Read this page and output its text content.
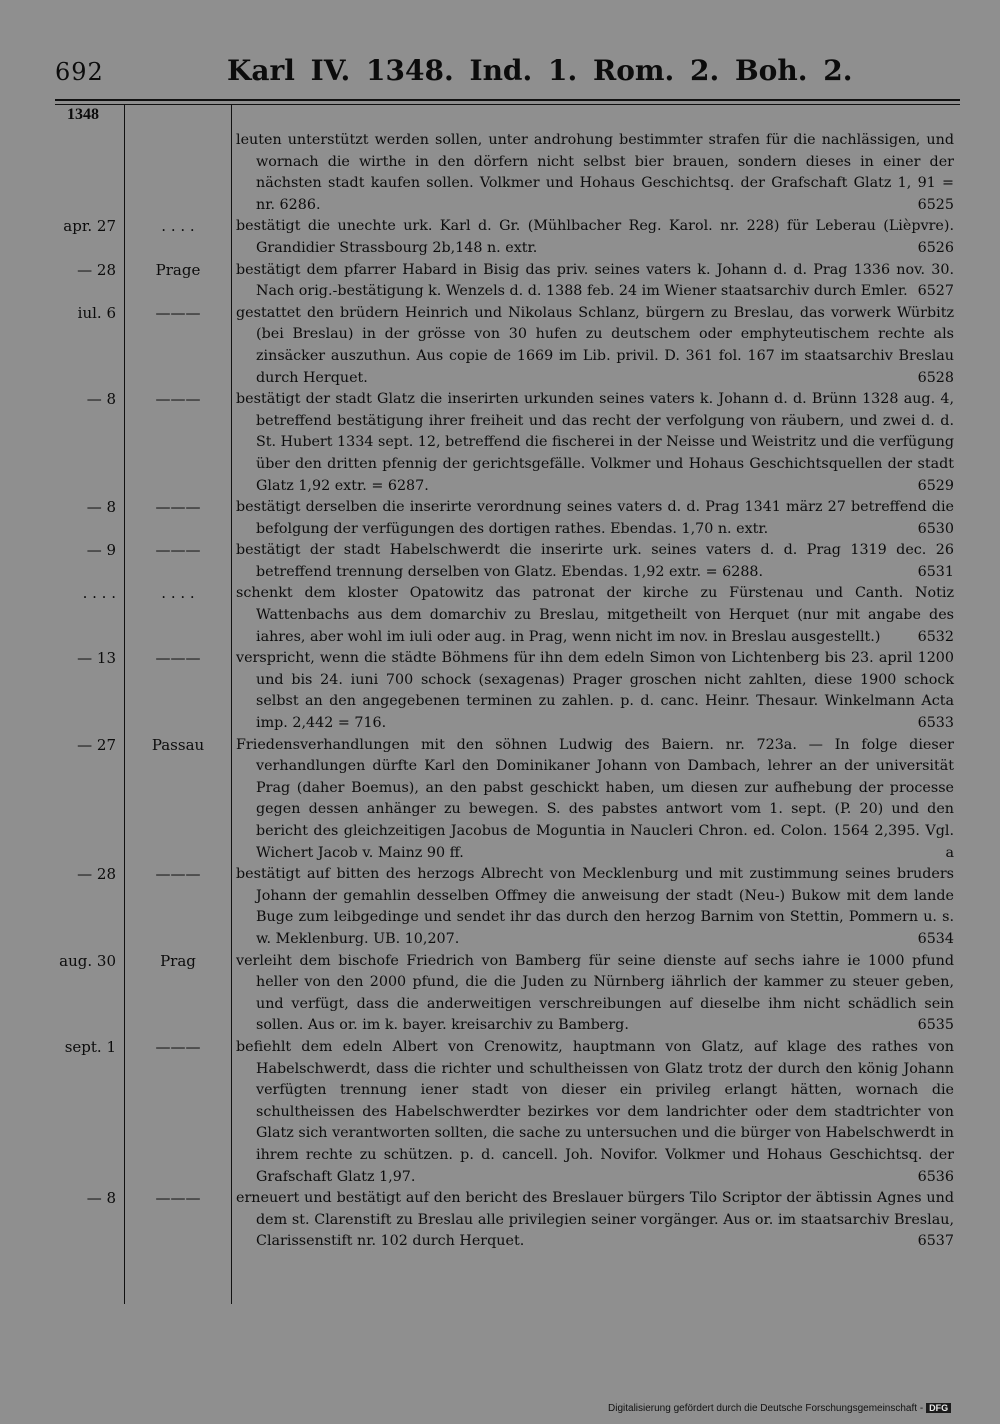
692	Karl IV. 1348. Ind. 1. Rom. 2. Boh. 2.
1348
leuten unterstützt werden sollen, unter androhung bestimmter strafen für die nachlässigen, und wornach die wirthe in den dörfern nicht selbst bier brauen, sondern dieses in einer der nächsten stadt kaufen sollen. Volkmer und Hohaus Geschichtsq. der Grafschaft Glatz 1, 91 = nr. 6286.	6525
apr. 27	. . . .	bestätigt die unechte urk. Karl d. Gr. (Mühlbacher Reg. Karol. nr. 228) für Leberau (Lièpvre). Grandidier Strassbourg 2b,148 n. extr.	6526
— 28	Prage	bestätigt dem pfarrer Habard in Bisig das priv. seines vaters k. Johann d. d. Prag 1336 nov. 30. Nach orig.-bestätigung k. Wenzels d. d. 1388 feb. 24 im Wiener staatsarchiv durch Emler. 6527
iul. 6	———	gestattet den brüdern Heinrich und Nikolaus Schlanz, bürgern zu Breslau, das vorwerk Würbitz (bei Breslau) in der grösse von 30 hufen zu deutschem oder emphyteutischem rechte als zinsäcker auszuthun. Aus copie de 1669 im Lib. privil. D. 361 fol. 167 im staatsarchiv Breslau durch Herquet.	6528
— 8	———	bestätigt der stadt Glatz die inserirten urkunden seines vaters k. Johann d. d. Brünn 1328 aug. 4, betreffend bestätigung ihrer freiheit und das recht der verfolgung von räubern, und zwei d. d. St. Hubert 1334 sept. 12, betreffend die fischerei in der Neisse und Weistritz und die verfügung über den dritten pfennig der gerichtsgefälle. Volkmer und Hohaus Geschichtsquellen der stadt Glatz 1,92 extr. = 6287.	6529
— 8	———	bestätigt derselben die inserirte verordnung seines vaters d. d. Prag 1341 märz 27 betreffend die befolgung der verfügungen des dortigen rathes. Ebendas. 1,70 n. extr.	6530
— 9	———	bestätigt der stadt Habelschwerdt die inserirte urk. seines vaters d. d. Prag 1319 dec. 26 betreffend trennung derselben von Glatz. Ebendas. 1,92 extr. = 6288.	6531
. . . .	. . . .	schenkt dem kloster Opatowitz das patronat der kirche zu Fürstenau und Canth. Notiz Wattenbachs aus dem domarchiv zu Breslau, mitgetheilt von Herquet (nur mit angabe des iahres, aber wohl im iuli oder aug. in Prag, wenn nicht im nov. in Breslau ausgestellt.)	6532
— 13	———	verspricht, wenn die städte Böhmens für ihn dem edeln Simon von Lichtenberg bis 23. april 1200 und bis 24. iuni 700 schock (sexagenas) Prager groschen nicht zahlten, diese 1900 schock selbst an den angegebenen terminen zu zahlen. p. d. canc. Heinr. Thesaur. Winkelmann Acta imp. 2,442 = 716.	6533
— 27	Passau	Friedensverhandlungen mit den söhnen Ludwig des Baiern. nr. 723a. — In folge dieser verhandlungen dürfte Karl den Dominikaner Johann von Dambach, lehrer an der universität Prag (daher Boemus), an den pabst geschickt haben, um diesen zur aufhebung der processe gegen dessen anhänger zu bewegen. S. des pabstes antwort vom 1. sept. (P. 20) und den bericht des gleichzeitigen Jacobus de Moguntia in Naucleri Chron. ed. Colon. 1564 2,395. Vgl. Wichert Jacob v. Mainz 90 ff.	a
— 28	———	bestätigt auf bitten des herzogs Albrecht von Mecklenburg und mit zustimmung seines bruders Johann der gemahlin desselben Offmey die anweisung der stadt (Neu-) Bukow mit dem lande Buge zum leibgedinge und sendet ihr das durch den herzog Barnim von Stettin, Pommern u. s. w. Meklenburg. UB. 10,207.	6534
aug. 30	Prag	verleiht dem bischofe Friedrich von Bamberg für seine dienste auf sechs iahre ie 1000 pfund heller von den 2000 pfund, die die Juden zu Nürnberg iährlich der kammer zu steuer geben, und verfügt, dass die anderweitigen verschreibungen auf dieselbe ihm nicht schädlich sein sollen. Aus or. im k. bayer. kreisarchiv zu Bamberg.	6535
sept. 1	———	befiehlt dem edeln Albert von Crenowitz, hauptmann von Glatz, auf klage des rathes von Habelschwerdt, dass die richter und schultheissen von Glatz trotz der durch den könig Johann verfügten trennung iener stadt von dieser ein privileg erlangt hätten, wornach die schultheissen des Habelschwerdter bezirkes vor dem landrichter oder dem stadtrichter von Glatz sich verantworten sollten, die sache zu untersuchen und die bürger von Habelschwerdt in ihrem rechte zu schützen. p. d. cancell. Joh. Novifor. Volkmer und Hohaus Geschichtsq. der Grafschaft Glatz 1,97.	6536
— 8	———	erneuert und bestätigt auf den bericht des Breslauer bürgers Tilo Scriptor der äbtissin Agnes und dem st. Clarenstift zu Breslau alle privilegien seiner vorgänger. Aus or. im staatsarchiv Breslau, Clarissenstift nr. 102 durch Herquet.	6537
Digitalisierung gefördert durch die Deutsche Forschungsgemeinschaft - DFG
